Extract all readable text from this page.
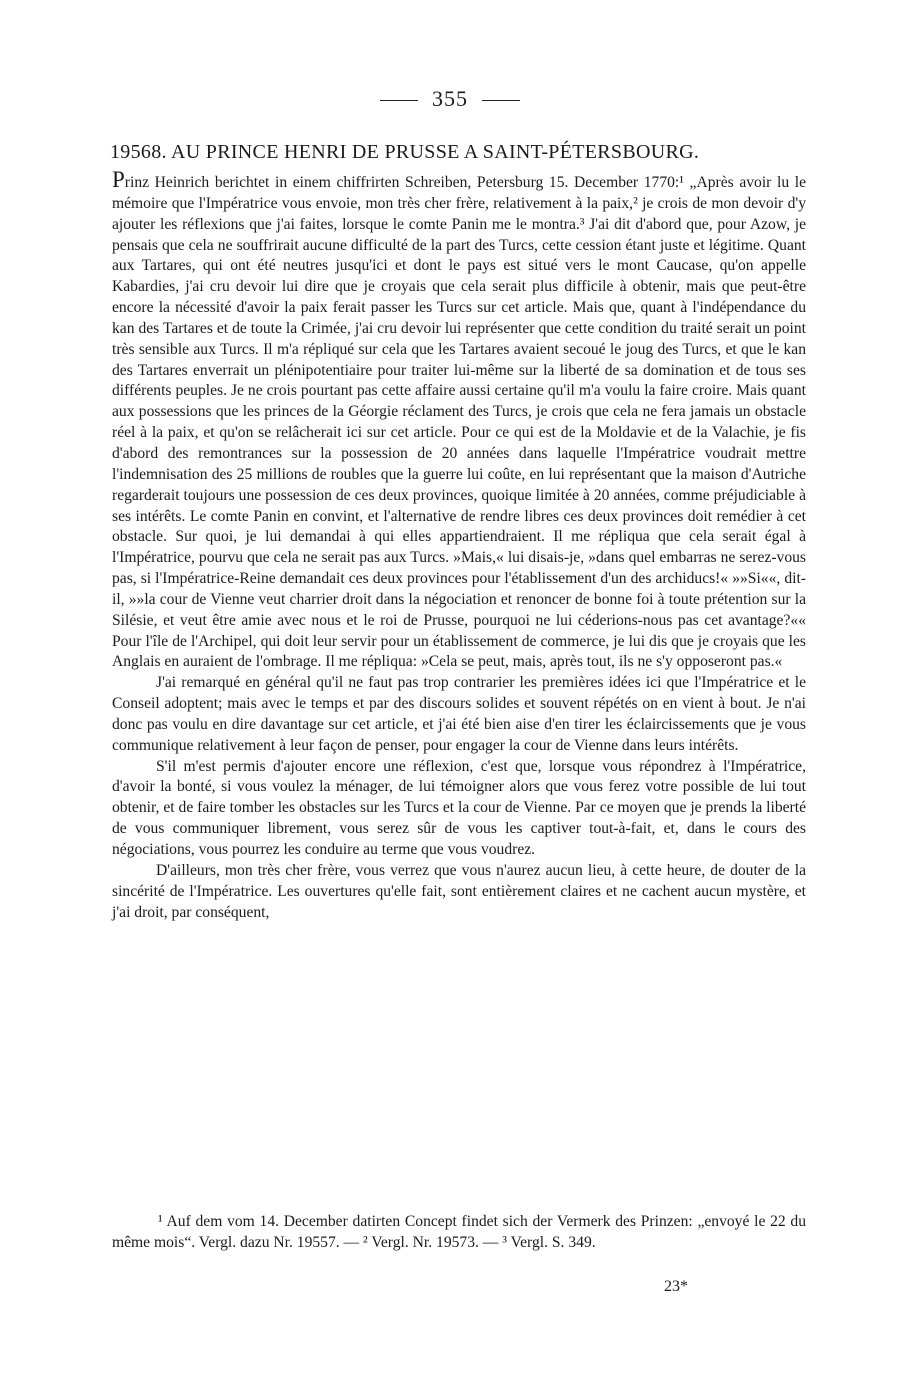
355
19568. AU PRINCE HENRI DE PRUSSE A SAINT-PÉTERSBOURG.

Prinz Heinrich berichtet in einem chiffrirten Schreiben, Petersburg 15. December 1770:¹ „Après avoir lu le mémoire que l'Impératrice vous envoie, mon très cher frère, relativement à la paix,² je crois de mon devoir d'y ajouter les réflexions que j'ai faites, lorsque le comte Panin me le montra.³ J'ai dit d'abord que, pour Azow, je pensais que cela ne souffrirait aucune difficulté de la part des Turcs, cette cession étant juste et légitime. Quant aux Tartares, qui ont été neutres jusqu'ici et dont le pays est situé vers le mont Caucase, qu'on appelle Kabardies, j'ai cru devoir lui dire que je croyais que cela serait plus difficile à obtenir, mais que peut-être encore la nécessité d'avoir la paix ferait passer les Turcs sur cet article. Mais que, quant à l'indépendance du kan des Tartares et de toute la Crimée, j'ai cru devoir lui représenter que cette condition du traité serait un point très sensible aux Turcs. Il m'a répliqué sur cela que les Tartares avaient secoué le joug des Turcs, et que le kan des Tartares enverrait un plénipotentiaire pour traiter lui-même sur la liberté de sa domination et de tous ses différents peuples. Je ne crois pourtant pas cette affaire aussi certaine qu'il m'a voulu la faire croire. Mais quant aux possessions que les princes de la Géorgie réclament des Turcs, je crois que cela ne fera jamais un obstacle réel à la paix, et qu'on se relâcherait ici sur cet article. Pour ce qui est de la Moldavie et de la Valachie, je fis d'abord des remontrances sur la possession de 20 années dans laquelle l'Impératrice voudrait mettre l'indemnisation des 25 millions de roubles que la guerre lui coûte, en lui représentant que la maison d'Autriche regarderait toujours une possession de ces deux provinces, quoique limitée à 20 années, comme préjudiciable à ses intérêts. Le comte Panin en convint, et l'alternative de rendre libres ces deux provinces doit remédier à cet obstacle. Sur quoi, je lui demandai à qui elles appartiendraient. Il me répliqua que cela serait égal à l'Impératrice, pourvu que cela ne serait pas aux Turcs. »Mais,« lui disais-je, »dans quel embarras ne serez-vous pas, si l'Impératrice-Reine demandait ces deux provinces pour l'établissement d'un des archiducs!« »»Si««, dit-il, »»la cour de Vienne veut charrier droit dans la négociation et renoncer de bonne foi à toute prétention sur la Silésie, et veut être amie avec nous et le roi de Prusse, pourquoi ne lui céderions-nous pas cet avantage?«« Pour l'île de l'Archipel, qui doit leur servir pour un établissement de commerce, je lui dis que je croyais que les Anglais en auraient de l'ombrage. Il me répliqua: »Cela se peut, mais, après tout, ils ne s'y opposeront pas.«

J'ai remarqué en général qu'il ne faut pas trop contrarier les premières idées ici que l'Impératrice et le Conseil adoptent; mais avec le temps et par des discours solides et souvent répétés on en vient à bout. Je n'ai donc pas voulu en dire davantage sur cet article, et j'ai été bien aise d'en tirer les éclaircissements que je vous communique relativement à leur façon de penser, pour engager la cour de Vienne dans leurs intérêts.

S'il m'est permis d'ajouter encore une réflexion, c'est que, lorsque vous répondrez à l'Impératrice, d'avoir la bonté, si vous voulez la ménager, de lui témoigner alors que vous ferez votre possible de lui tout obtenir, et de faire tomber les obstacles sur les Turcs et la cour de Vienne. Par ce moyen que je prends la liberté de vous communiquer librement, vous serez sûr de vous les captiver tout-à-fait, et, dans le cours des négociations, vous pourrez les conduire au terme que vous voudrez.

D'ailleurs, mon très cher frère, vous verrez que vous n'aurez aucun lieu, à cette heure, de douter de la sincérité de l'Impératrice. Les ouvertures qu'elle fait, sont entièrement claires et ne cachent aucun mystère, et j'ai droit, par conséquent,

¹ Auf dem vom 14. December datirten Concept findet sich der Vermerk des Prinzen: „envoyé le 22 du même mois“. Vergl. dazu Nr. 19557. — ² Vergl. Nr. 19573. — ³ Vergl. S. 349.

23*
